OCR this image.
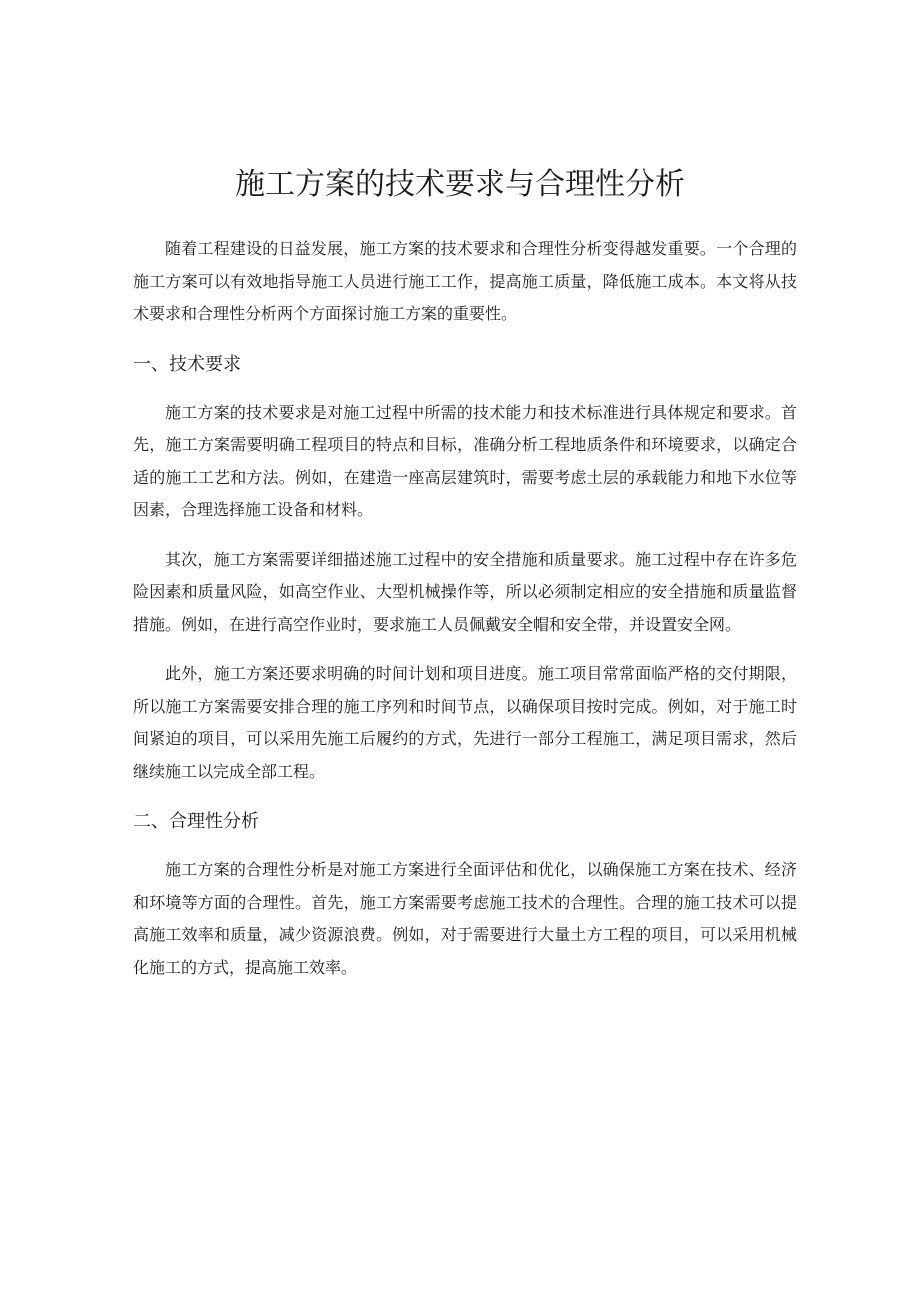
施工方案的技术要求与合理性分析

随着工程建设的日益发展，施工方案的技术要求和合理性分析变得越发重要。一个合理的施工方案可以有效地指导施工人员进行施工工作，提高施工质量，降低施工成本。本文将从技术要求和合理性分析两个方面探讨施工方案的重要性。

一、技术要求

施工方案的技术要求是对施工过程中所需的技术能力和技术标准进行具体规定和要求。首先，施工方案需要明确工程项目的特点和目标，准确分析工程地质条件和环境要求，以确定合适的施工工艺和方法。例如，在建造一座高层建筑时，需要考虑土层的承载能力和地下水位等因素，合理选择施工设备和材料。

其次，施工方案需要详细描述施工过程中的安全措施和质量要求。施工过程中存在许多危险因素和质量风险，如高空作业、大型机械操作等，所以必须制定相应的安全措施和质量监督措施。例如，在进行高空作业时，要求施工人员佩戴安全帽和安全带，并设置安全网。

此外，施工方案还要求明确的时间计划和项目进度。施工项目常常面临严格的交付期限，所以施工方案需要安排合理的施工序列和时间节点，以确保项目按时完成。例如，对于施工时间紧迫的项目，可以采用先施工后履约的方式，先进行一部分工程施工，满足项目需求，然后继续施工以完成全部工程。

二、合理性分析

施工方案的合理性分析是对施工方案进行全面评估和优化，以确保施工方案在技术、经济和环境等方面的合理性。首先，施工方案需要考虑施工技术的合理性。合理的施工技术可以提高施工效率和质量，减少资源浪费。例如，对于需要进行大量土方工程的项目，可以采用机械化施工的方式，提高施工效率。
